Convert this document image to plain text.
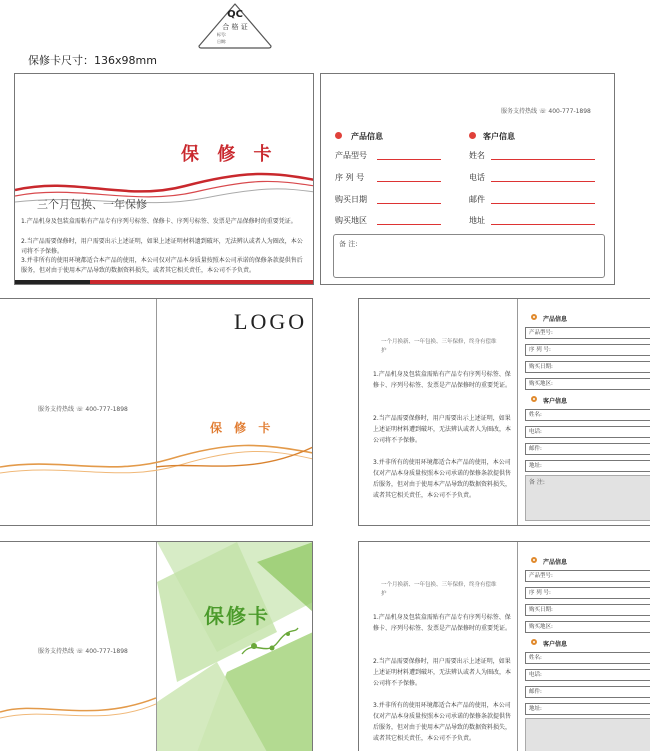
QC
合 格 证
标号:
日期:
保修卡尺寸：136x98mm
保 修 卡
三个月包换、一年保修
1.产品机身及包装盒需粘有产品专有序列号标签、保修卡、序列号标签、发票是产品保修时的重要凭证。
2.当产品需要保修时，用户需要出示上述证明，如果上述证明材料遗到破坏，无法辨认或者人为圈改，本公司将不予保修。
3.并非所有的使用环境都适合本产品的使用，本公司仅对产品本身质量按照本公司承诺的保修条款提供售后服务，但对由于使用本产品导致的数据资料损失，或者其它相关责任，本公司不予负责。
服务支持热线 ☏ 400-777-1898
产品信息	客户信息
产品型号
序 列 号
购买日期
购买地区
姓名
电话
邮件
地址
备 注:
服务支持热线 ☏ 400-777-1898
LOGO
保 修 卡
一个月换新、一年包换、三年保修，终身有偿维护
1.产品机身及包装盒需贴有产品专有序列号标签、保修卡、序列号标签、发票是产品保修时的重要凭证。
2.当产品需要保修时，用户需要出示上述证明，如果上述证明材料遭到破坏，无法辨认或者人为圈改，本公司将不予保修。
3.并非所有的使用环境都适合本产品的使用，本公司仅对产品本身质量按照本公司承诺的保修条款提供售后服务，但对由于使用本产品导致的数据资料损失，或者其它相关责任，本公司不予负责。
产品信息
产品型号:
序 列 号:
购买日期:
购买地区:
客户信息
姓名:
电话:
邮件:
地址:
备 注:
服务支持热线 ☏ 400-777-1898
保修卡
一个月换新、一年包换、三年保修，终身有偿维护
1.产品机身及包装盒需贴有产品专有序列号标签、保修卡、序列号标签、发票是产品保修时的重要凭证。
2.当产品需要保修时，用户需要出示上述证明，如果上述证明材料遭到破坏，无法辨认或者人为圈改，本公司将不予保修。
3.并非所有的使用环境都适合本产品的使用，本公司仅对产品本身质量按照本公司承诺的保修条款提供售后服务，但对由于使用本产品导致的数据资料损失，或者其它相关责任，本公司不予负责。
产品信息
产品型号:
序 列 号:
购买日期:
购买地区:
客户信息
姓名:
电话:
邮件:
地址:
